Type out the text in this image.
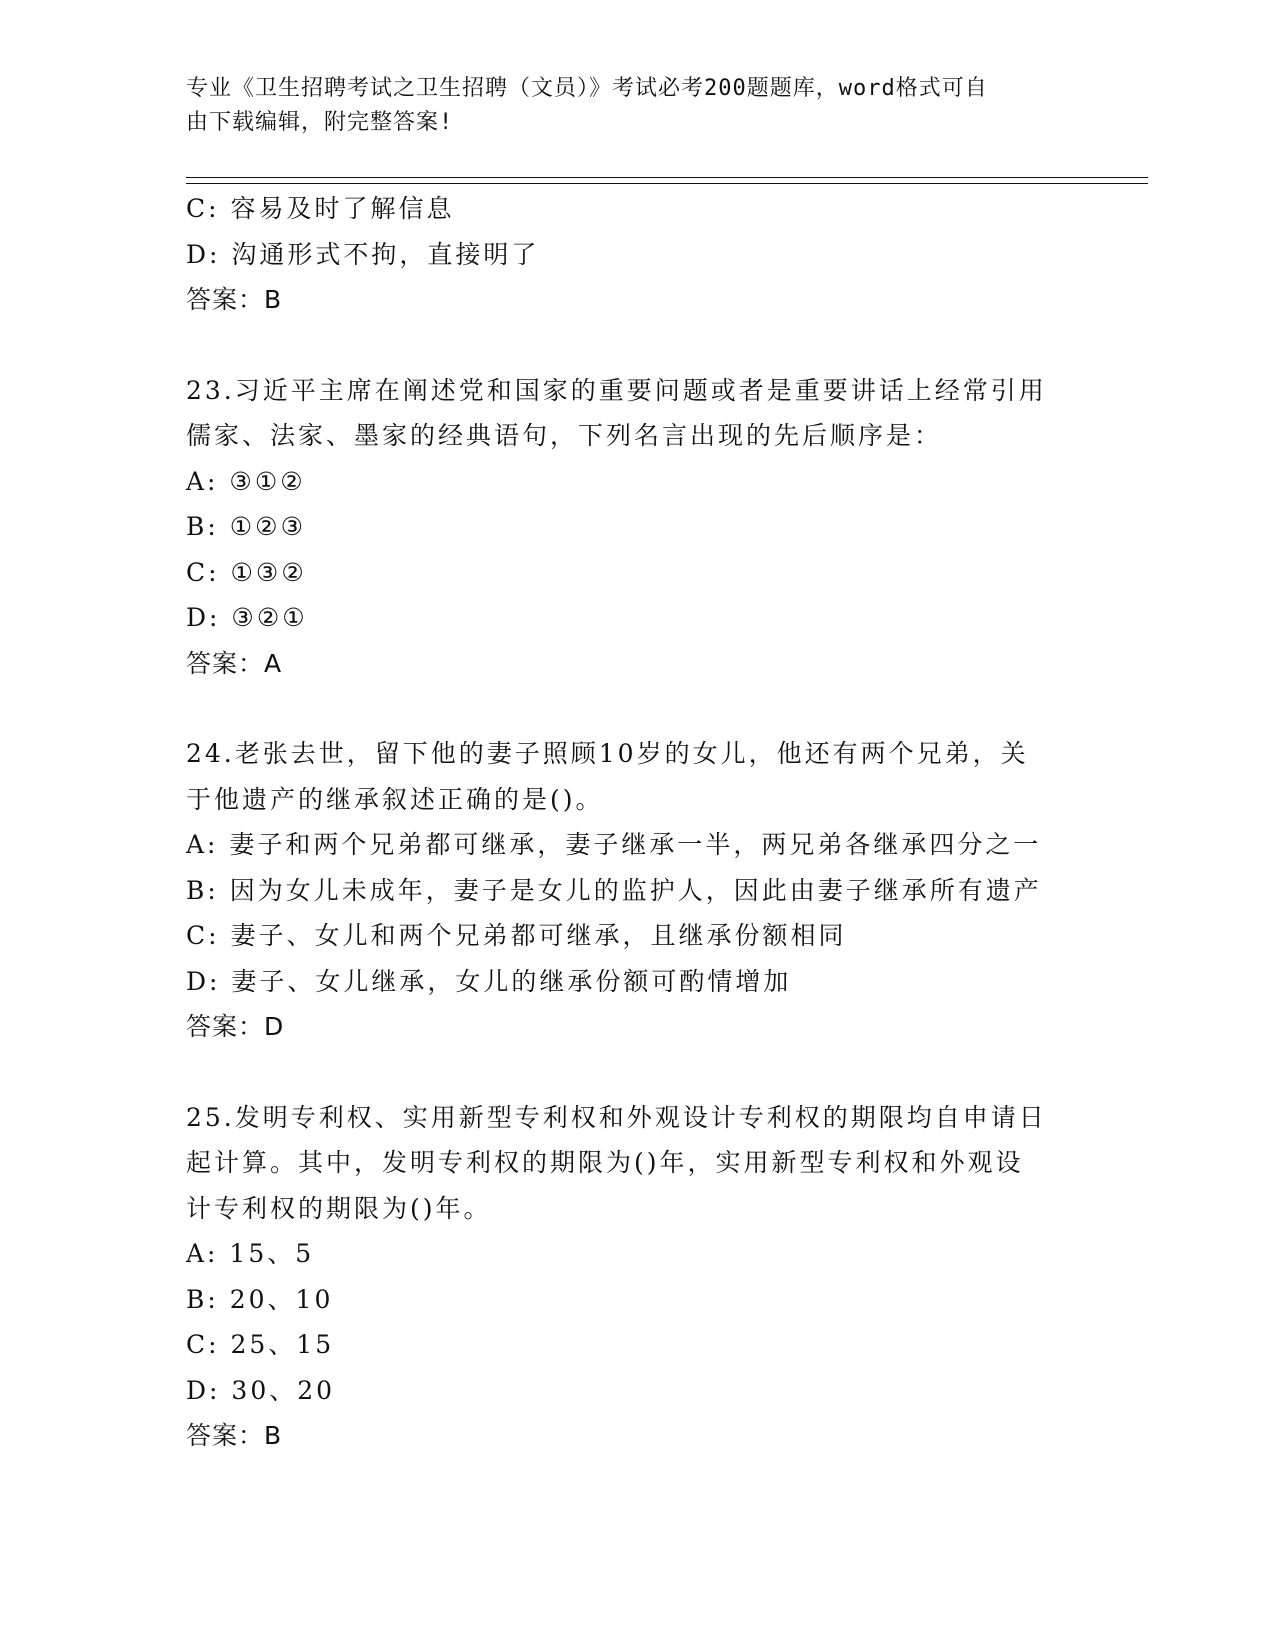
专业《卫生招聘考试之卫生招聘（文员）》考试必考200题题库，word格式可自
由下载编辑，附完整答案!
C: 容易及时了解信息
D: 沟通形式不拘，直接明了
答案：B
23.习近平主席在阐述党和国家的重要问题或者是重要讲话上经常引用
儒家、法家、墨家的经典语句，下列名言出现的先后顺序是：
A: ③①②
B: ①②③
C: ①③②
D: ③②①
答案：A
24.老张去世，留下他的妻子照顾10岁的女儿，他还有两个兄弟，关
于他遗产的继承叙述正确的是()。
A: 妻子和两个兄弟都可继承，妻子继承一半，两兄弟各继承四分之一
B: 因为女儿未成年，妻子是女儿的监护人，因此由妻子继承所有遗产
C: 妻子、女儿和两个兄弟都可继承，且继承份额相同
D: 妻子、女儿继承，女儿的继承份额可酌情增加
答案：D
25.发明专利权、实用新型专利权和外观设计专利权的期限均自申请日
起计算。其中，发明专利权的期限为()年，实用新型专利权和外观设
计专利权的期限为()年。
A: 15、5
B: 20、10
C: 25、15
D: 30、20
答案：B
